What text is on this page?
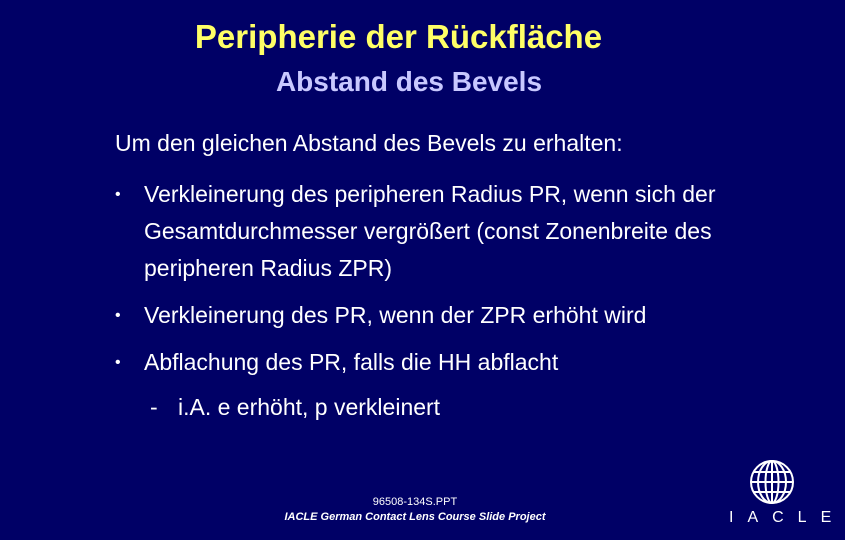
Peripherie der Rückfläche
Abstand des Bevels
Um den gleichen Abstand des Bevels zu erhalten:
• Verkleinerung des peripheren Radius PR, wenn sich der Gesamtdurchmesser vergrößert (const Zonenbreite des peripheren Radius ZPR)
• Verkleinerung des PR, wenn der ZPR erhöht wird
• Abflachung des PR, falls die HH abflacht
- i.A. e erhöht, p verkleinert
96508-134S.PPT
IACLE German Contact Lens Course Slide Project	IACLE
